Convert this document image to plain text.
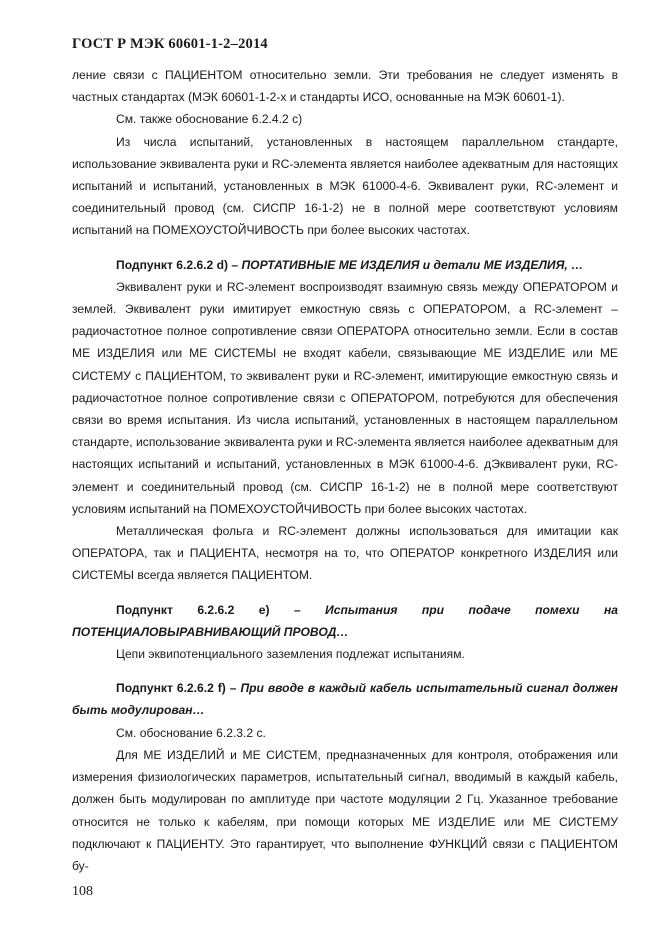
ГОСТ Р МЭК 60601-1-2–2014

ление связи с ПАЦИЕНТОМ относительно земли. Эти требования не следует изменять в частных стандартах (МЭК 60601-1-2-х и стандарты ИСО, основанные на МЭК 60601-1).

См. также обоснование 6.2.4.2 с)

Из числа испытаний, установленных в настоящем параллельном стандарте, использование эквивалента руки и RC-элемента является наиболее адекватным для настоящих испытаний и испытаний, установленных в МЭК 61000-4-6. Эквивалент руки, RC-элемент и соединительный провод (см. СИСПР 16-1-2) не в полной мере соответствуют условиям испытаний на ПОМЕХОУСТОЙЧИВОСТЬ при более высоких частотах.

Подпункт 6.2.6.2 d) – ПОРТАТИВНЫЕ МЕ ИЗДЕЛИЯ и детали МЕ ИЗДЕЛИЯ, …

Эквивалент руки и RC-элемент воспроизводят взаимную связь между ОПЕРАТОРОМ и землей. Эквивалент руки имитирует емкостную связь с ОПЕРАТОРОМ, а RC-элемент – радиочастотное полное сопротивление связи ОПЕРАТОРА относительно земли. Если в состав МЕ ИЗДЕЛИЯ или МЕ СИСТЕМЫ не входят кабели, связывающие МЕ ИЗДЕЛИЕ или МЕ СИСТЕМУ с ПАЦИЕНТОМ, то эквивалент руки и RC-элемент, имитирующие емкостную связь и радиочастотное полное сопротивление связи с ОПЕРАТОРОМ, потребуются для обеспечения связи во время испытания. Из числа испытаний, установленных в настоящем параллельном стандарте, использование эквивалента руки и RC-элемента является наиболее адекватным для настоящих испытаний и испытаний, установленных в МЭК 61000-4-6. дЭквивалент руки, RC-элемент и соединительный провод (см. СИСПР 16-1-2) не в полной мере соответствуют условиям испытаний на ПОМЕХОУСТОЙЧИВОСТЬ при более высоких частотах.

Металлическая фольга и RC-элемент должны использоваться для имитации как ОПЕРАТОРА, так и ПАЦИЕНТА, несмотря на то, что ОПЕРАТОР конкретного ИЗДЕЛИЯ или СИСТЕМЫ всегда является ПАЦИЕНТОМ.

Подпункт 6.2.6.2 е) – Испытания при подаче помехи на ПОТЕНЦИАЛОВЫРАВНИВАЮЩИЙ ПРОВОД…

Цепи эквипотенциального заземления подлежат испытаниям.

Подпункт 6.2.6.2 f) – При вводе в каждый кабель испытательный сигнал должен быть модулирован…

См. обоснование 6.2.3.2 с.

Для МЕ ИЗДЕЛИЙ и МЕ СИСТЕМ, предназначенных для контроля, отображения или измерения физиологических параметров, испытательный сигнал, вводимый в каждый кабель, должен быть модулирован по амплитуде при частоте модуляции 2 Гц. Указанное требование относится не только к кабелям, при помощи которых МЕ ИЗДЕЛИЕ или МЕ СИСТЕМУ подключают к ПАЦИЕНТУ. Это гарантирует, что выполнение ФУНКЦИЙ связи с ПАЦИЕНТОМ бу-

108
